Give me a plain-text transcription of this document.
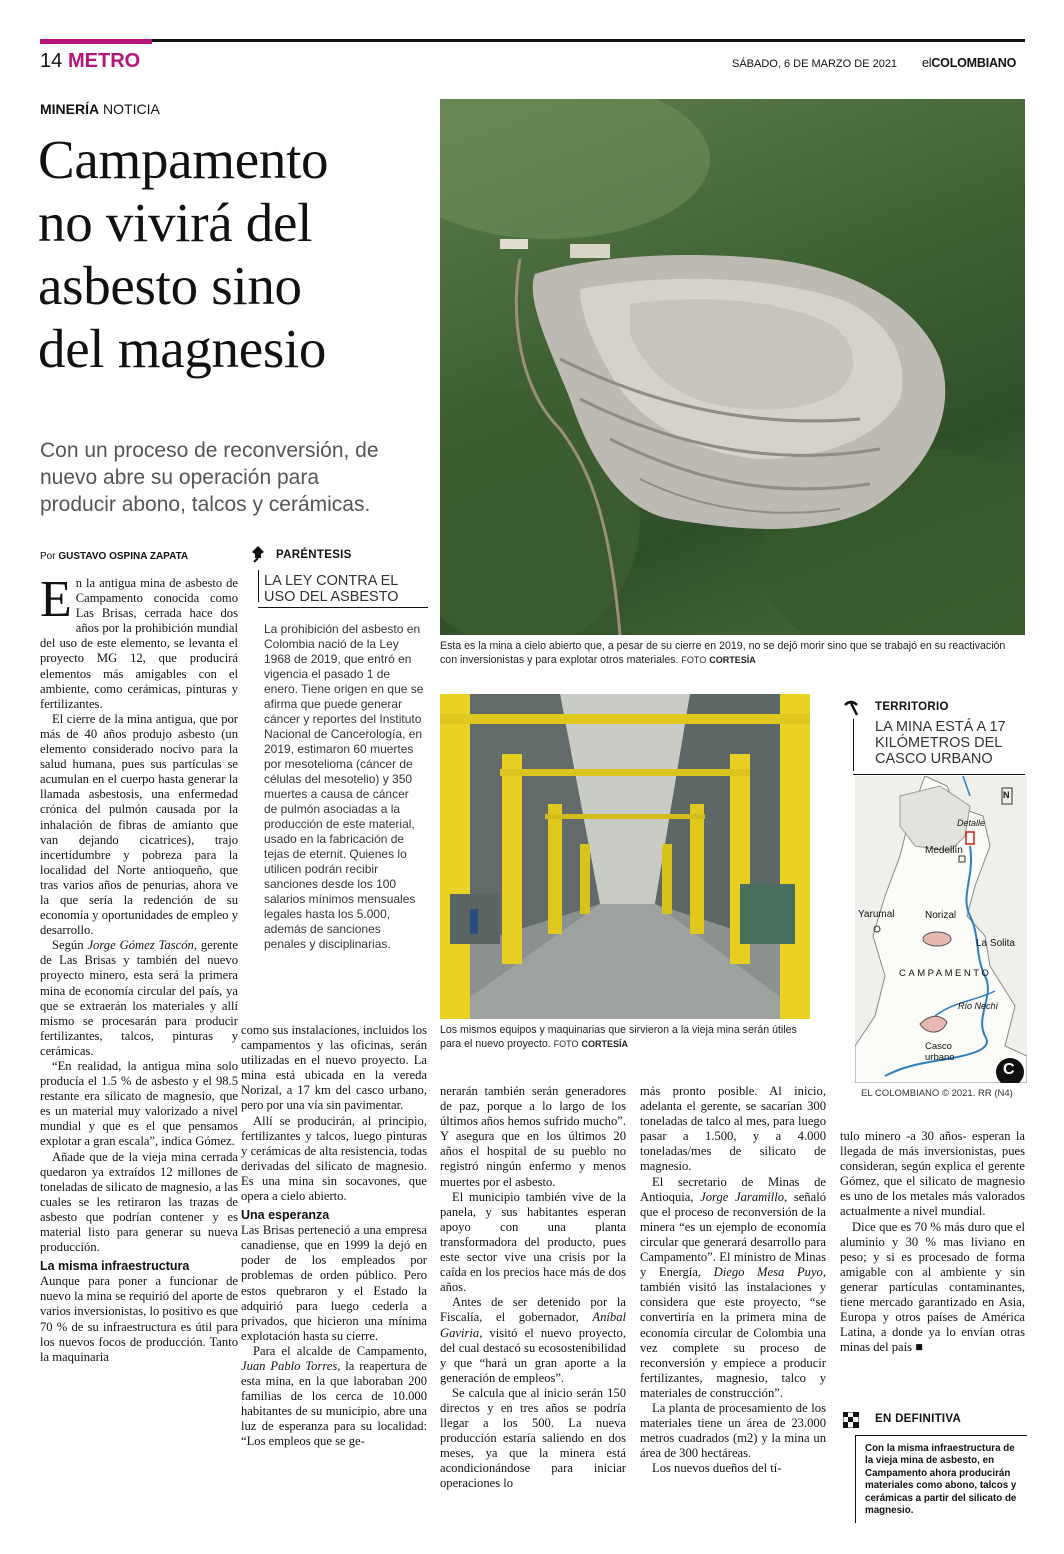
14 METRO	SÁBADO, 6 DE MARZO DE 2021 elCOLOMBIANO
MINERÍA NOTICIA
Campamento
no vivirá del
asbesto sino
del magnesio
Con un proceso de reconversión, de
nuevo abre su operación para
producir abono, talcos y cerámicas.
Esta es la mina a cielo abierto que, a pesar de su cierre en 2019, no se dejó morir sino que se trabajó en su reactivación con inversionistas y para explotar otros materiales. FOTO CORTESÍA
Los mismos equipos y maquinarias que sirvieron a la vieja mina serán útiles para el nuevo proyecto. FOTO CORTESÍA
Por GUSTAVO OSPINA ZAPATA

En la antigua mina de asbesto de Campamento conocida como Las Brisas, cerrada hace dos años por la prohibición mundial del uso de este elemento, se levanta el proyecto MG 12, que producirá elementos más amigables con el ambiente, como cerámicas, pinturas y fertilizantes.

El cierre de la mina antigua, que por más de 40 años produjo asbesto (un elemento considerado nocivo para la salud humana, pues sus partículas se acumulan en el cuerpo hasta generar la llamada asbestosis, una enfermedad crónica del pulmón causada por la inhalación de fibras de amianto que van dejando cicatrices), trajo incertidumbre y pobreza para la localidad del Norte antioqueño, que tras varios años de penurias, ahora ve la que sería la redención de su economía y oportunidades de empleo y desarrollo.

Según Jorge Gómez Tascón, gerente de Las Brisas y también del nuevo proyecto minero, esta será la primera mina de economía circular del país, ya que se extraerán los materiales y allí mismo se procesarán para producir fertilizantes, talcos, pinturas y cerámicas.

“En realidad, la antigua mina solo producía el 1.5 % de asbesto y el 98.5 restante era silicato de magnesio, que es un material muy valorizado a nivel mundial y que es el que pensamos explotar a gran escala”, indica Gómez.

Añade que de la vieja mina cerrada quedaron ya extraídos 12 millones de toneladas de silicato de magnesio, a las cuales se les retiraron las trazas de asbesto que podrían contener y es material listo para generar su nueva producción.

La misma infraestructura

Aunque para poner a funcionar de nuevo la mina se requirió del aporte de varios inversionistas, lo positivo es que 70 % de su infraestructura es útil para los nuevos focos de producción. Tanto la maquinaria

PARÉNTESIS
LA LEY CONTRA EL USO DEL ASBESTO
La prohibición del asbesto en Colombia nació de la Ley 1968 de 2019, que entró en vigencia el pasado 1 de enero. Tiene origen en que se afirma que puede generar cáncer y reportes del Instituto Nacional de Cancerología, en 2019, estimaron 60 muertes por mesotelioma (cáncer de células del mesotelio) y 350 muertes a causa de cáncer de pulmón asociadas a la producción de este material, usado en la fabricación de tejas de eternit. Quienes lo utilicen podrán recibir sanciones desde los 100 salarios mínimos mensuales legales hasta los 5.000, además de sanciones penales y disciplinarias.

como sus instalaciones, incluidos los campamentos y las oficinas, serán utilizadas en el nuevo proyecto. La mina está ubicada en la vereda Norizal, a 17 km del casco urbano, pero por una vía sin pavimentar.

Allí se producirán, al principio, fertilizantes y talcos, luego pinturas y cerámicas de alta resistencia, todas derivadas del silicato de magnesio. Es una mina sin socavones, que opera a cielo abierto.

Una esperanza

Las Brisas perteneció a una empresa canadiense, que en 1999 la dejó en poder de los empleados por problemas de orden público. Pero estos quebraron y el Estado la adquirió para luego cederla a privados, que hicieron una mínima explotación hasta su cierre.

Para el alcalde de Campamento, Juan Pablo Torres, la reapertura de esta mina, en la que laboraban 200 familias de los cerca de 10.000 habitantes de su municipio, abre una luz de esperanza para su localidad: “Los empleos que se ge-

nerarán también serán generadores de paz, porque a lo largo de los últimos años hemos sufrido mucho”. Y asegura que en los últimos 20 años el hospital de su pueblo no registró ningún enfermo y menos muertes por el asbesto.

El municipio también vive de la panela, y sus habitantes esperan apoyo con una planta transformadora del producto, pues este sector vive una crisis por la caída en los precios hace más de dos años.

Antes de ser detenido por la Fiscalía, el gobernador, Aníbal Gaviria, visitó el nuevo proyecto, del cual destacó su ecosostenibilidad y que “hará un gran aporte a la generación de empleos”.

Se calcula que al inicio serán 150 directos y en tres años se podría llegar a los 500. La nueva producción estaría saliendo en dos meses, ya que la minera está acondicionándose para iniciar operaciones lo

más pronto posible. Al inicio, adelanta el gerente, se sacarían 300 toneladas de talco al mes, para luego pasar a 1.500, y a 4.000 toneladas/mes de silicato de magnesio.

El secretario de Minas de Antioquia, Jorge Jaramillo, señaló que el proceso de reconversión de la minera “es un ejemplo de economía circular que generará desarrollo para Campamento”. El ministro de Minas y Energía, Diego Mesa Puyo, también visitó las instalaciones y considera que este proyecto, “se convertiría en la primera mina de economía circular de Colombia una vez complete su proceso de reconversión y empiece a producir fertilizantes, magnesio, talco y materiales de construcción”.

La planta de procesamiento de los materiales tiene un área de 23.000 metros cuadrados (m2) y la mina un área de 300 hectáreas.

Los nuevos dueños del tí-

tulo minero -a 30 años- esperan la llegada de más inversionistas, pues consideran, según explica el gerente Gómez, que el silicato de magnesio es uno de los metales más valorados actualmente a nivel mundial.

Dice que es 70 % más duro que el aluminio y 30 % mas liviano en peso; y si es procesado de forma amigable con al ambiente y sin generar partículas contaminantes, tiene mercado garantizado en Asia, Europa y otros países de América Latina, a donde ya lo envían otras minas del país ■

TERRITORIO
LA MINA ESTÁ A 17 KILÓMETROS DEL CASCO URBANO
N
Detalle
Medellín
Yarumal	Norizal
La Solita
CAMPAMENTO
Río Nechí
Casco
urbano
C
EL COLOMBIANO © 2021. RR (N4)
EN DEFINITIVA
Con la misma infraestructura de la vieja mina de asbesto, en Campamento ahora producirán materiales como abono, talcos y cerámicas a partir del silicato de magnesio.
